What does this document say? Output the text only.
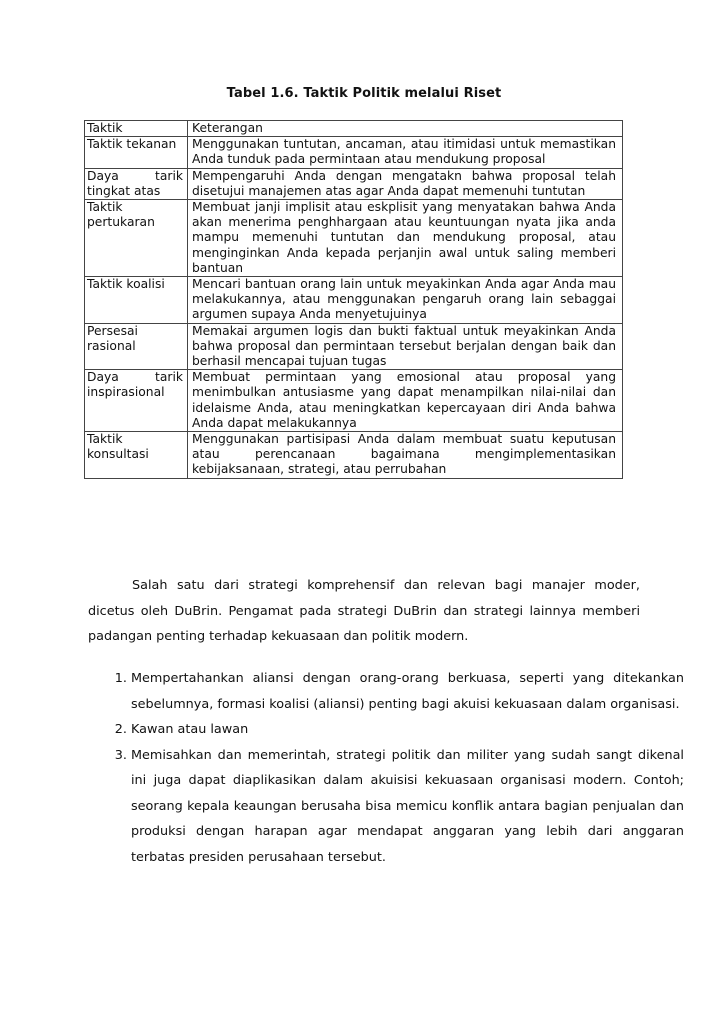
Tabel 1.6. Taktik Politik melalui Riset
Taktik	Keterangan
Taktik tekanan	Menggunakan tuntutan, ancaman, atau itimidasi untuk memastikan Anda tunduk pada permintaan atau mendukung proposal
Daya tarik tingkat atas	Mempengaruhi Anda dengan mengatakn bahwa proposal telah disetujui manajemen atas agar Anda dapat memenuhi tuntutan
Taktik pertukaran	Membuat janji implisit atau eskplisit yang menyatakan bahwa Anda akan menerima penghhargaan atau keuntuungan nyata jika anda mampu memenuhi tuntutan dan mendukung proposal, atau menginginkan Anda kepada perjanjin awal untuk saling memberi bantuan
Taktik koalisi	Mencari bantuan orang lain untuk meyakinkan Anda agar Anda mau melakukannya, atau menggunakan pengaruh orang lain sebaggai argumen supaya Anda menyetujuinya
Persesai rasional	Memakai argumen logis dan bukti faktual untuk meyakinkan Anda bahwa proposal dan permintaan tersebut berjalan dengan baik dan berhasil mencapai tujuan tugas
Daya tarik inspirasional	Membuat permintaan yang emosional atau proposal yang menimbulkan antusiasme yang dapat menampilkan nilai-nilai dan idelaisme Anda, atau meningkatkan kepercayaan diri Anda bahwa Anda dapat melakukannya
Taktik konsultasi	Menggunakan partisipasi Anda dalam membuat suatu keputusan atau perencanaan bagaimana mengimplementasikan kebijaksanaan, strategi, atau perrubahan

Salah satu dari strategi komprehensif dan relevan bagi manajer moder, dicetus oleh DuBrin. Pengamat pada strategi DuBrin dan strategi lainnya memberi padangan penting terhadap kekuasaan dan politik modern.

1. Mempertahankan aliansi dengan orang-orang berkuasa, seperti yang ditekankan sebelumnya, formasi koalisi (aliansi) penting bagi akuisi kekuasaan dalam organisasi.
2. Kawan atau lawan
3. Memisahkan dan memerintah, strategi politik dan militer yang sudah sangt dikenal ini juga dapat diaplikasikan dalam akuisisi kekuasaan organisasi modern. Contoh; seorang kepala keaungan berusaha bisa memicu konflik antara bagian penjualan dan produksi dengan harapan agar mendapat anggaran yang lebih dari anggaran terbatas presiden perusahaan tersebut.
